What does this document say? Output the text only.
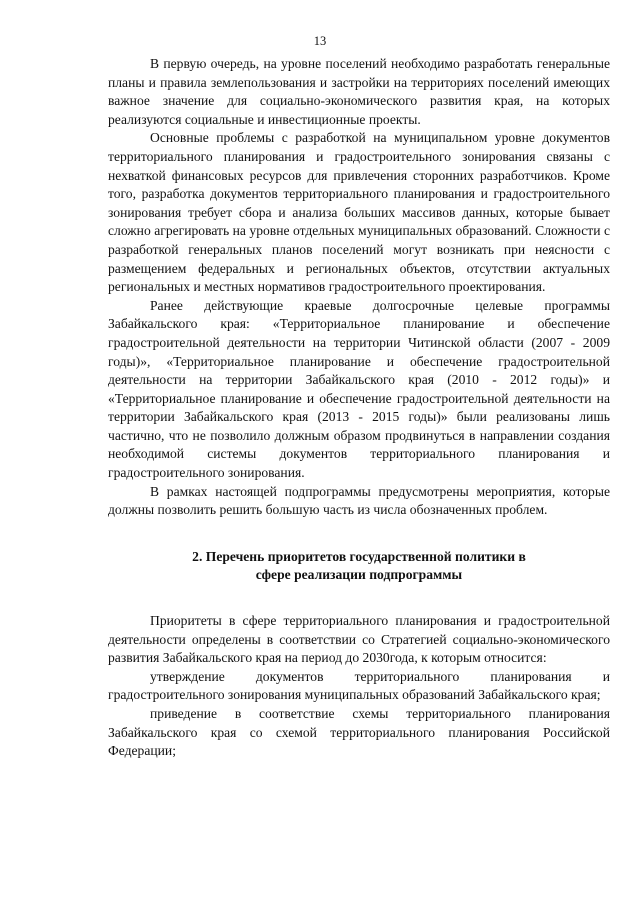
13

В первую очередь, на уровне поселений необходимо разработать генеральные планы и правила землепользования и застройки на территориях поселений имеющих важное значение для социально-экономического развития края, на которых реализуются социальные и инвестиционные проекты.

Основные проблемы с разработкой на муниципальном уровне документов территориального планирования и градостроительного зонирования связаны с нехваткой финансовых ресурсов для привлечения сторонних разработчиков. Кроме того, разработка документов территориального планирования и градостроительного зонирования требует сбора и анализа больших массивов данных, которые бывает сложно агрегировать на уровне отдельных муниципальных образований. Сложности с разработкой генеральных планов поселений могут возникать при неясности с размещением федеральных и региональных объектов, отсутствии актуальных региональных и местных нормативов градостроительного проектирования.

Ранее действующие краевые долгосрочные целевые программы Забайкальского края: «Территориальное планирование и обеспечение градостроительной деятельности на территории Читинской области (2007 - 2009 годы)», «Территориальное планирование и обеспечение градостроительной деятельности на территории Забайкальского края (2010 - 2012 годы)» и «Территориальное планирование и обеспечение градостроительной деятельности на территории Забайкальского края (2013 - 2015 годы)» были реализованы лишь частично, что не позволило должным образом продвинуться в направлении создания необходимой системы документов территориального планирования и градостроительного зонирования.

В рамках настоящей подпрограммы предусмотрены мероприятия, которые должны позволить решить большую часть из числа обозначенных проблем.

2. Перечень приоритетов государственной политики в
сфере реализации подпрограммы

Приоритеты в сфере территориального планирования и градостроительной деятельности определены в соответствии со Стратегией социально-экономического развития Забайкальского края на период до 2030года, к которым относится:

утверждение документов территориального планирования и градостроительного зонирования муниципальных образований Забайкальского края;

приведение в соответствие схемы территориального планирования Забайкальского края со схемой территориального планирования Российской Федерации;
